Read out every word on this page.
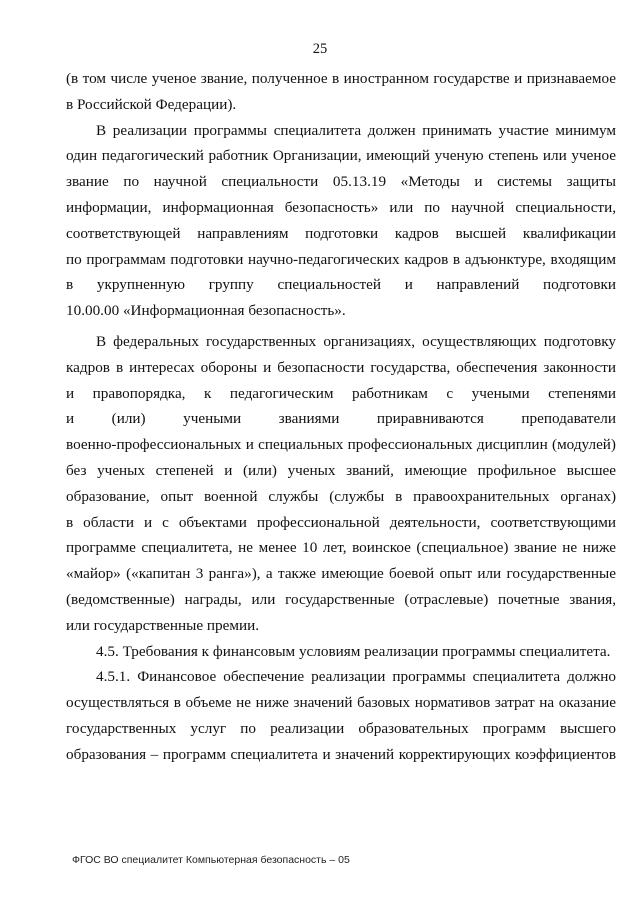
25
(в том числе ученое звание, полученное в иностранном государстве и признаваемое
в Российской Федерации).
В реализации программы специалитета должен принимать участие минимум
один педагогический работник Организации, имеющий ученую степень или ученое
звание по научной специальности 05.13.19 «Методы и системы защиты
информации, информационная безопасность» или по научной специальности,
соответствующей направлениям подготовки кадров высшей квалификации
по программам подготовки научно-педагогических кадров в адъюнктуре, входящим
в укрупненную группу специальностей и направлений подготовки
10.00.00 «Информационная безопасность».
В федеральных государственных организациях, осуществляющих подготовку
кадров в интересах обороны и безопасности государства, обеспечения законности
и правопорядка, к педагогическим работникам с учеными степенями
и (или) учеными званиями приравниваются преподаватели
военно-профессиональных и специальных профессиональных дисциплин (модулей)
без ученых степеней и (или) ученых званий, имеющие профильное высшее
образование, опыт военной службы (службы в правоохранительных органах)
в области и с объектами профессиональной деятельности, соответствующими
программе специалитета, не менее 10 лет, воинское (специальное) звание не ниже
«майор» («капитан 3 ранга»), а также имеющие боевой опыт или государственные
(ведомственные) награды, или государственные (отраслевые) почетные звания,
или государственные премии.
4.5. Требования к финансовым условиям реализации программы специалитета.
4.5.1. Финансовое обеспечение реализации программы специалитета должно
осуществляться в объеме не ниже значений базовых нормативов затрат на оказание
государственных услуг по реализации образовательных программ высшего
образования – программ специалитета и значений корректирующих коэффициентов
ФГОС ВО специалитет Компьютерная безопасность – 05
